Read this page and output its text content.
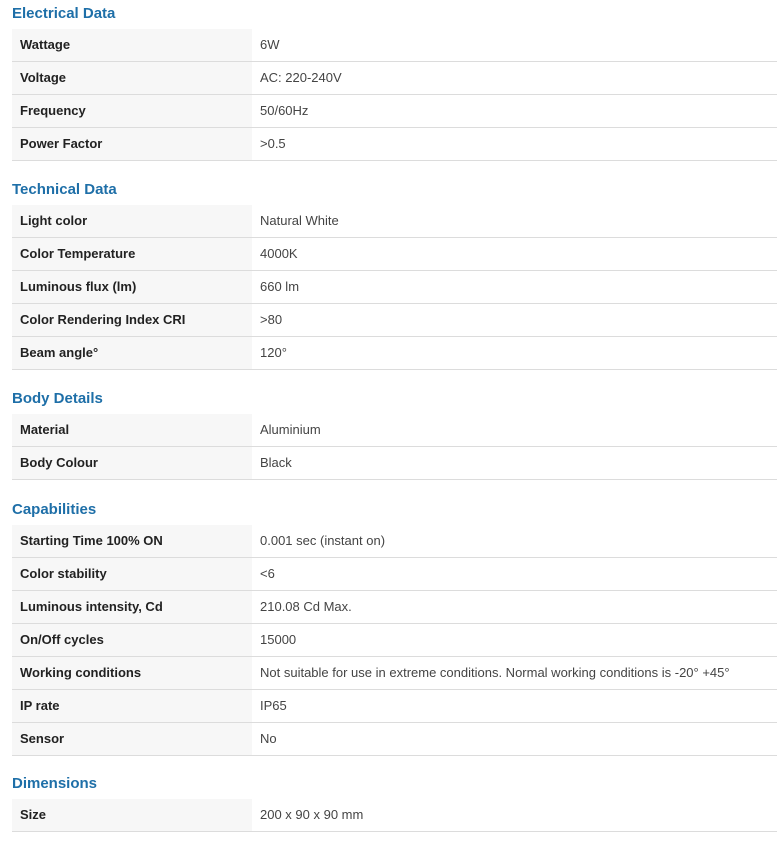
Electrical Data
Wattage	6W
Voltage	AC: 220-240V
Frequency	50/60Hz
Power Factor	>0.5
Technical Data
Light color	Natural White
Color Temperature	4000K
Luminous flux (lm)	660 lm
Color Rendering Index CRI	>80
Beam angle°	120°
Body Details
Material	Aluminium
Body Colour	Black
Capabilities
Starting Time 100% ON	0.001 sec (instant on)
Color stability	<6
Luminous intensity, Cd	210.08 Cd Max.
On/Off cycles	15000
Working conditions	Not suitable for use in extreme conditions. Normal working conditions is -20° +45°
IP rate	IP65
Sensor	No
Dimensions
Size	200 x 90 x 90 mm
